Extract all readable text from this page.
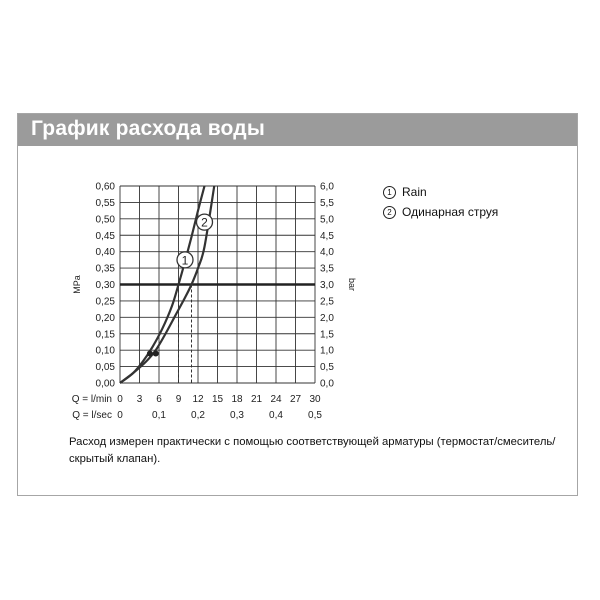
График расхода воды
1
2
0,00
0,05
0,10
0,15
0,20
0,25
0,30
0,35
0,40
0,45
0,50
0,55
0,60
0,0
0,5
1,0
1,5
2,0
2,5
3,0
3,5
4,0
4,5
5,0
5,5
6,0
0 3 6 9 12 15 18 21 24 27 30
0	0,1	0,2	0,3	0,4	0,5
MPa	bar
Q = l/min
Q = l/sec
1 Rain
2 Одинарная струя
Расход измерен практически с помощью соответствующей арматуры (термостат/смеситель/скрытый клапан).
